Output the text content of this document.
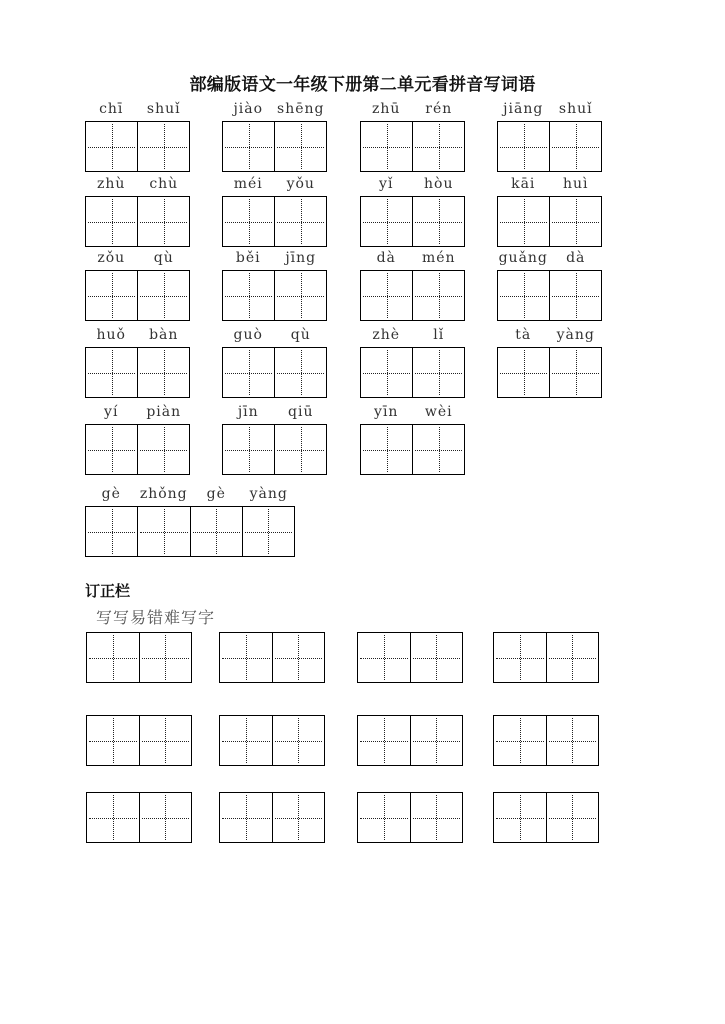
部编版语文一年级下册第二单元看拼音写词语
chī	shuǐ	jiào shēng	zhū	rén	jiāng	shuǐ
zhù	chù	méi	yǒu	yǐ	hòu	kāi	huì
zǒu	qù	běi	jīng	dà	mén	guǎng	dà
huǒ	bàn	guò	qù	zhè	lǐ	tà	yàng
yí	piàn	jīn	qiū	yīn	wèi
gè	zhǒng	gè	yàng
订正栏
写写易错难写字
